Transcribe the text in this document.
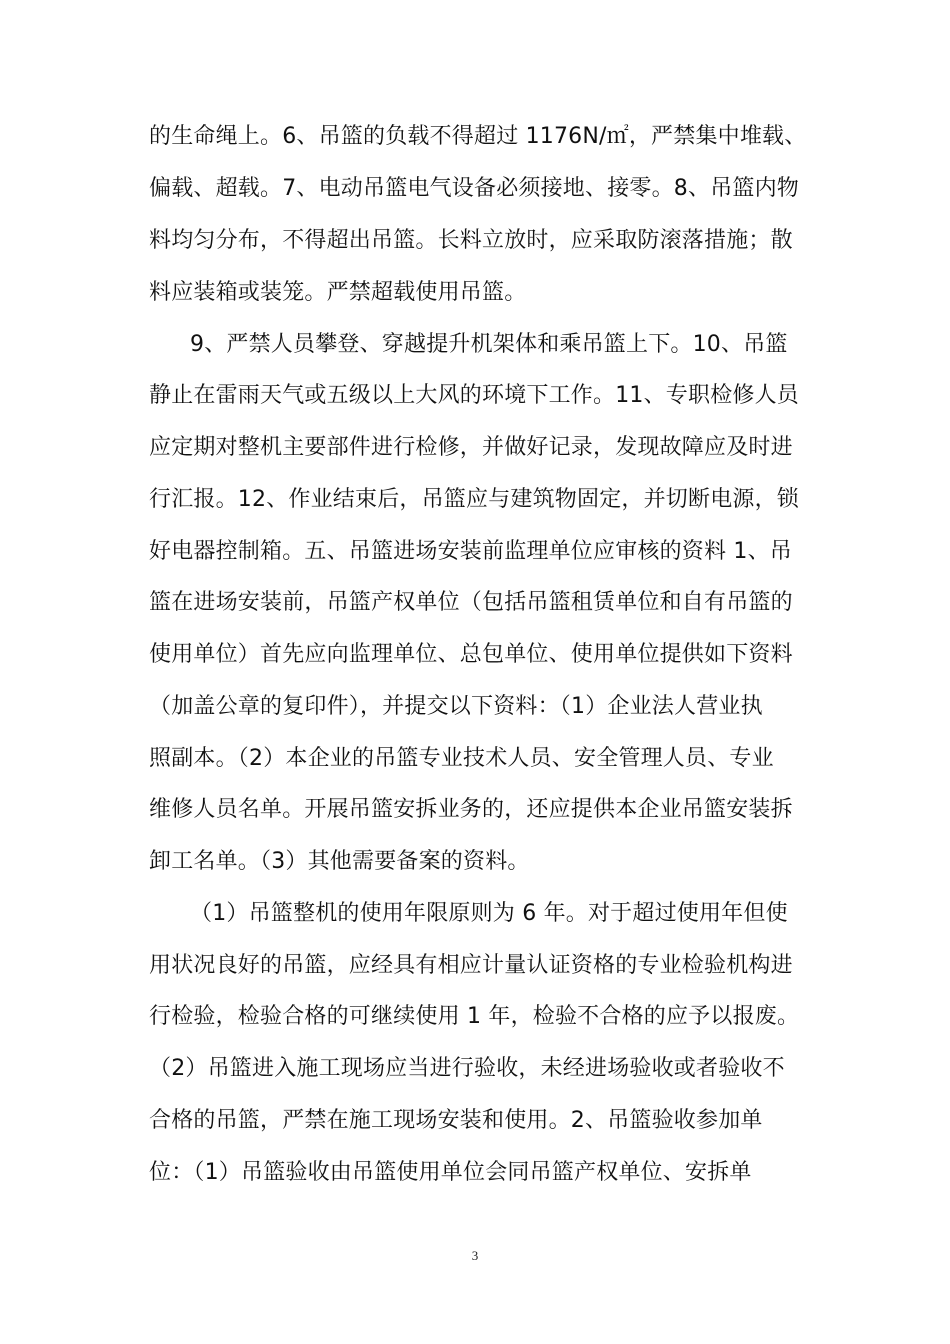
的生命绳上。6、吊篮的负载不得超过 1176N/㎡，严禁集中堆载、
偏载、超载。7、电动吊篮电气设备必须接地、接零。8、吊篮内物
料均匀分布，不得超出吊篮。长料立放时，应采取防滚落措施；散
料应装箱或装笼。严禁超载使用吊篮。
9、严禁人员攀登、穿越提升机架体和乘吊篮上下。10、吊篮
静止在雷雨天气或五级以上大风的环境下工作。11、专职检修人员
应定期对整机主要部件进行检修，并做好记录，发现故障应及时进
行汇报。12、作业结束后，吊篮应与建筑物固定，并切断电源，锁
好电器控制箱。五、吊篮进场安装前监理单位应审核的资料 1、吊
篮在进场安装前，吊篮产权单位（包括吊篮租赁单位和自有吊篮的
使用单位）首先应向监理单位、总包单位、使用单位提供如下资料
（加盖公章的复印件），并提交以下资料：（1）企业法人营业执
照副本。（2）本企业的吊篮专业技术人员、安全管理人员、专业
维修人员名单。开展吊篮安拆业务的，还应提供本企业吊篮安装拆
卸工名单。（3）其他需要备案的资料。
（1）吊篮整机的使用年限原则为 6 年。对于超过使用年但使
用状况良好的吊篮，应经具有相应计量认证资格的专业检验机构进
行检验，检验合格的可继续使用 1 年，检验不合格的应予以报废。
（2）吊篮进入施工现场应当进行验收，未经进场验收或者验收不
合格的吊篮，严禁在施工现场安装和使用。2、吊篮验收参加单
位：（1）吊篮验收由吊篮使用单位会同吊篮产权单位、安拆单
3
